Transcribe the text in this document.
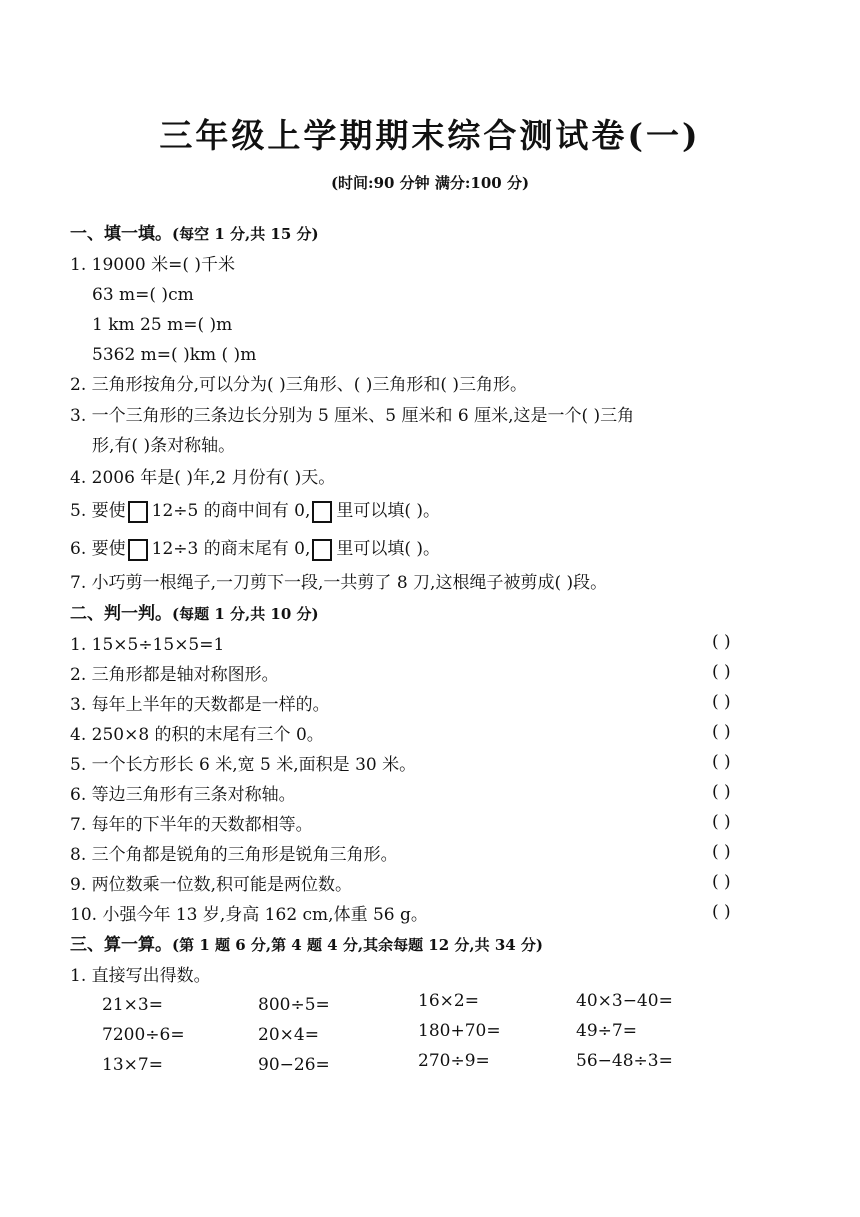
三年级上学期期末综合测试卷(一)
(时间:90 分钟 满分:100 分)
一、填一填。(每空 1 分,共 15 分)
1. 19000 米=( )千米
63 m=( )cm
1 km 25 m=( )m
5362 m=( )km ( )m
2. 三角形按角分,可以分为( )三角形、( )三角形和( )三角形。
3. 一个三角形的三条边长分别为 5 厘米、5 厘米和 6 厘米,这是一个( )三角
形,有( )条对称轴。
4. 2006 年是( )年,2 月份有( )天。
5. 要使 12÷5 的商中间有 0, 里可以填( )。
6. 要使 12÷3 的商末尾有 0, 里可以填( )。
7. 小巧剪一根绳子,一刀剪下一段,一共剪了 8 刀,这根绳子被剪成( )段。
二、判一判。(每题 1 分,共 10 分)
1. 15×5÷15×5=1	( )
2. 三角形都是轴对称图形。	( )
3. 每年上半年的天数都是一样的。	( )
4. 250×8 的积的末尾有三个 0。	( )
5. 一个长方形长 6 米,宽 5 米,面积是 30 米。	( )
6. 等边三角形有三条对称轴。	( )
7. 每年的下半年的天数都相等。	( )
8. 三个角都是锐角的三角形是锐角三角形。	( )
9. 两位数乘一位数,积可能是两位数。	( )
10. 小强今年 13 岁,身高 162 cm,体重 56 g。	( )
三、算一算。(第 1 题 6 分,第 4 题 4 分,其余每题 12 分,共 34 分)
1. 直接写出得数。
21×3=	800÷5=	16×2=	40×3−40=
7200÷6=	20×4=	180+70=	49÷7=
13×7=	90−26=	270÷9=	56−48÷3=
